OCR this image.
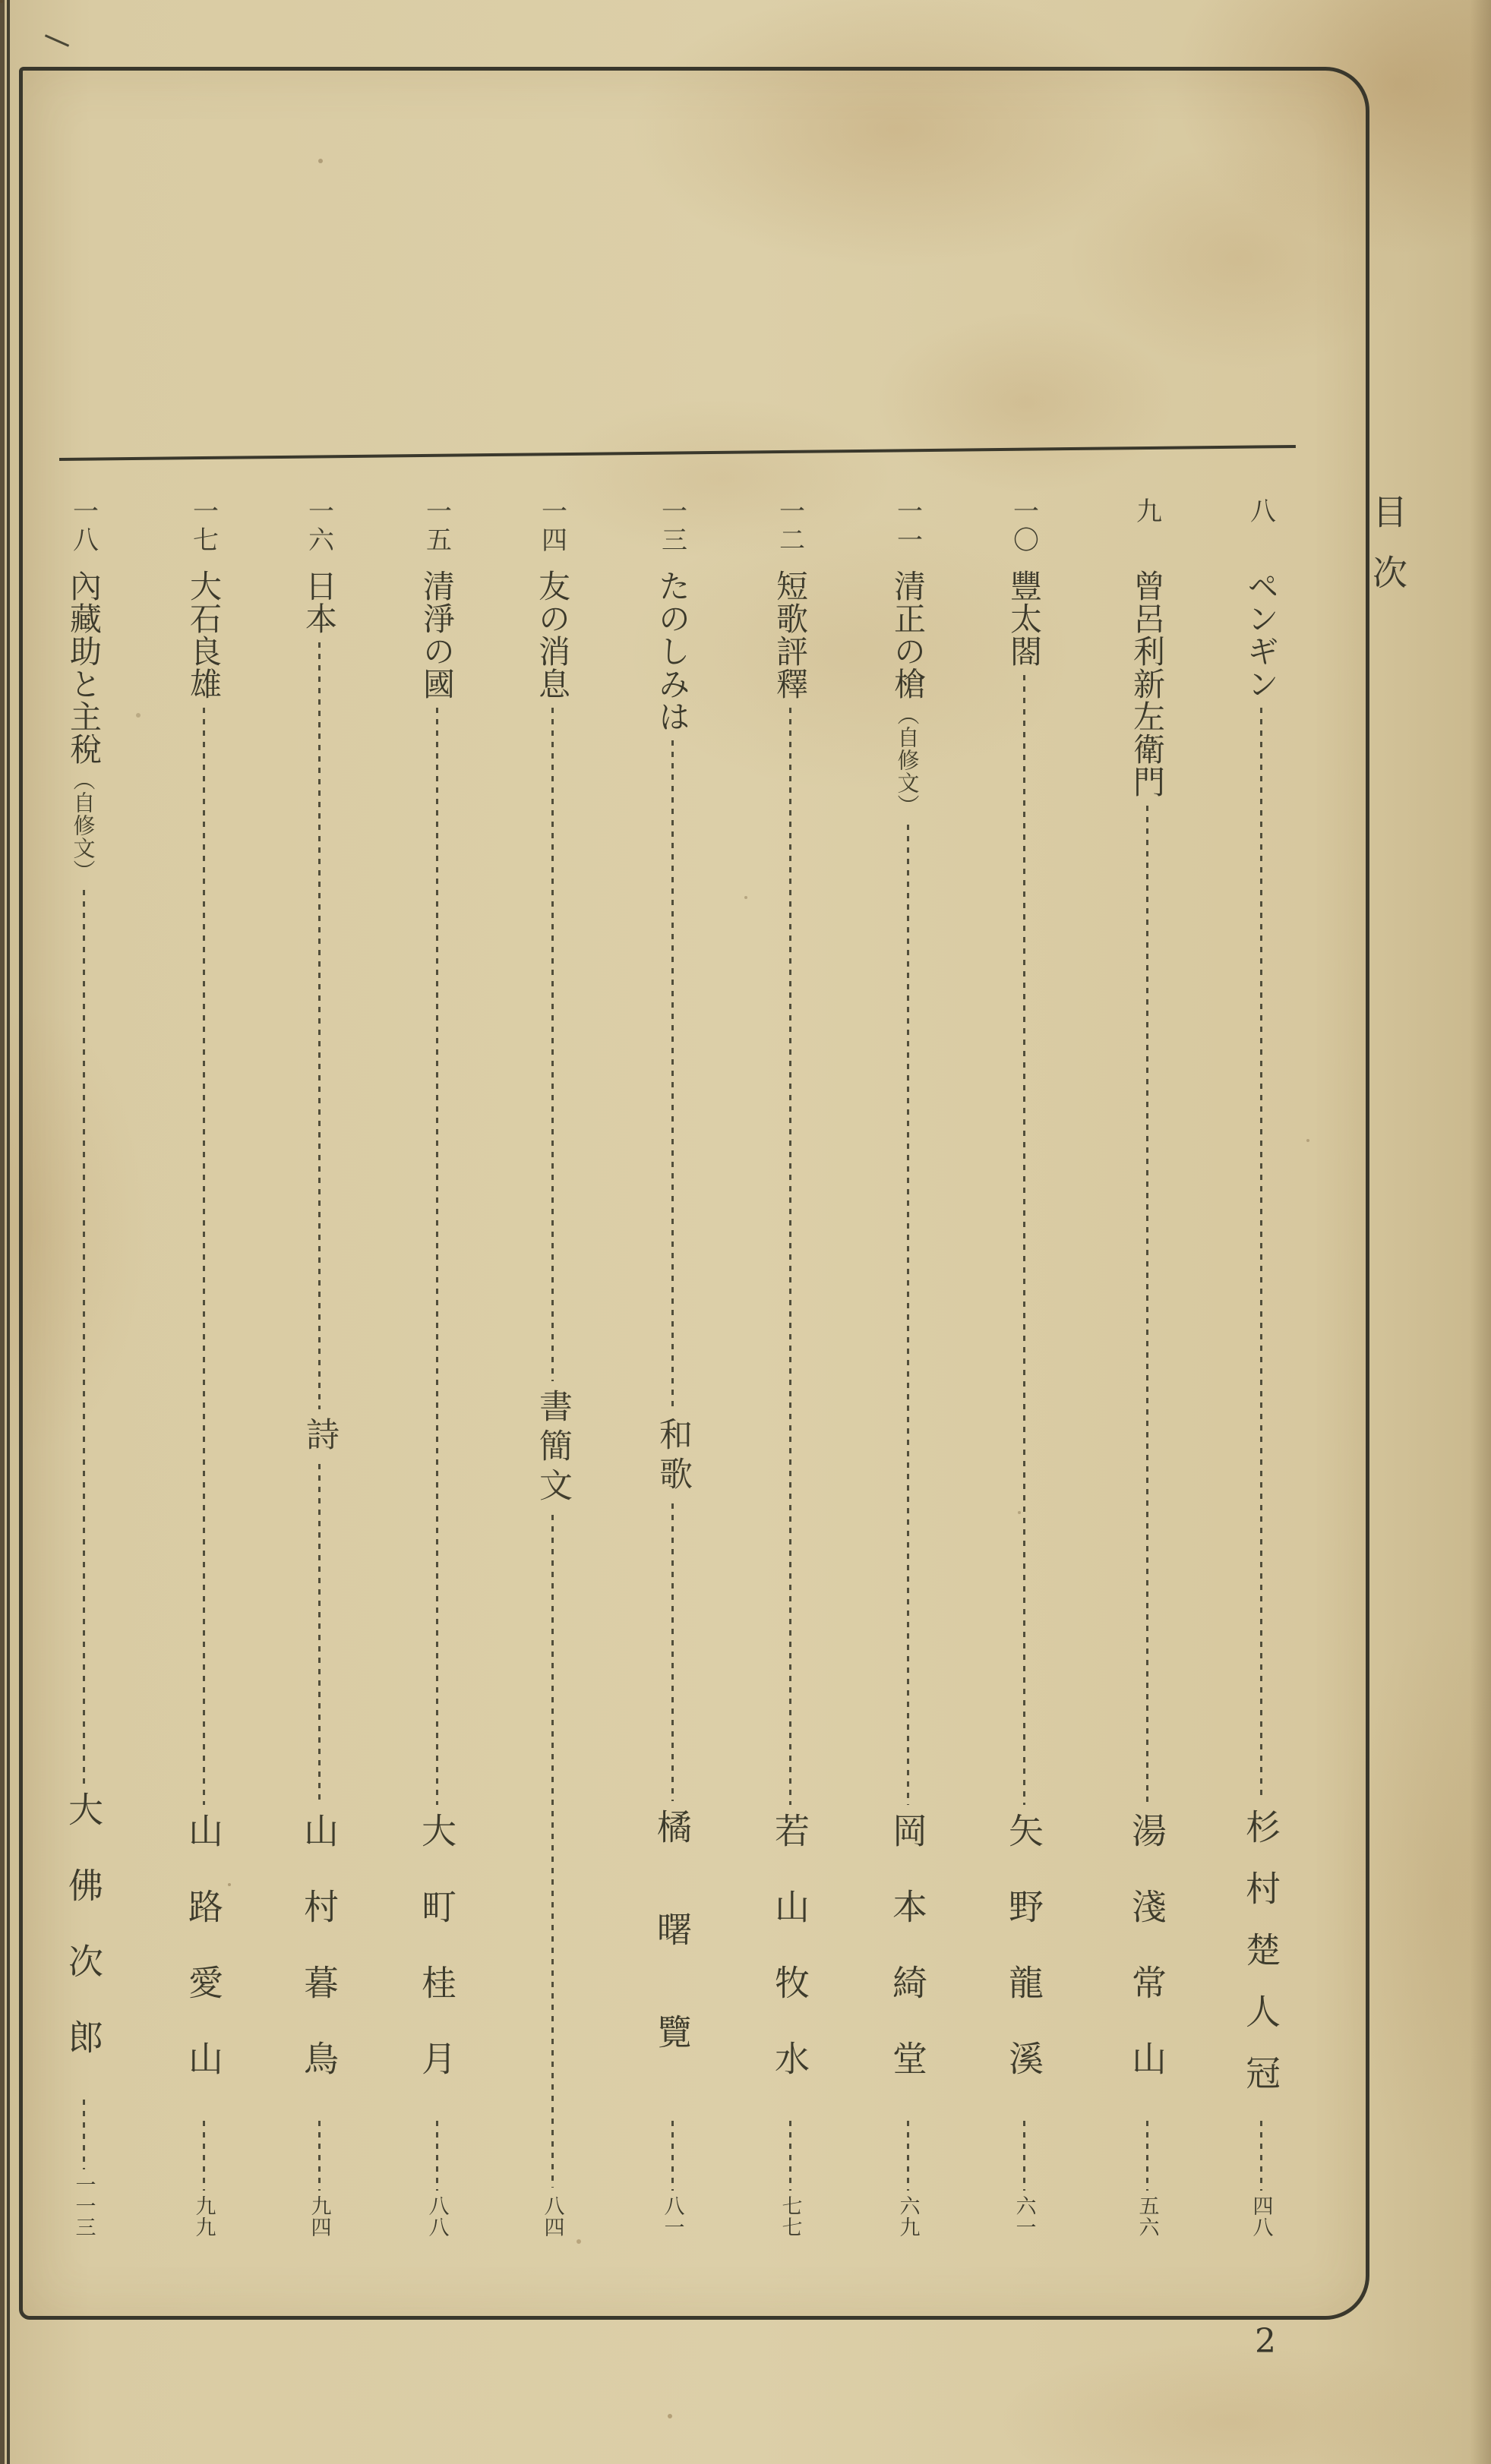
目次
八
ペンギン
杉村楚人冠
四八
九
曾呂利新左衛門
湯淺常山
五六
一〇
豐太閤
矢野龍溪
六一
一一
清正の槍
（自修文）
岡本綺堂
六九
一二
短歌評釋
若山牧水
七七
一三
たのしみは
和歌
橘曙覽
八一
一四
友の消息
書簡文
八四
一五
清淨の國
大町桂月
八八
一六
日本
詩
山村暮鳥
九四
一七
大石良雄
山路愛山
九九
一八
內藏助と主稅
（自修文）
大佛次郎
一一三
2
